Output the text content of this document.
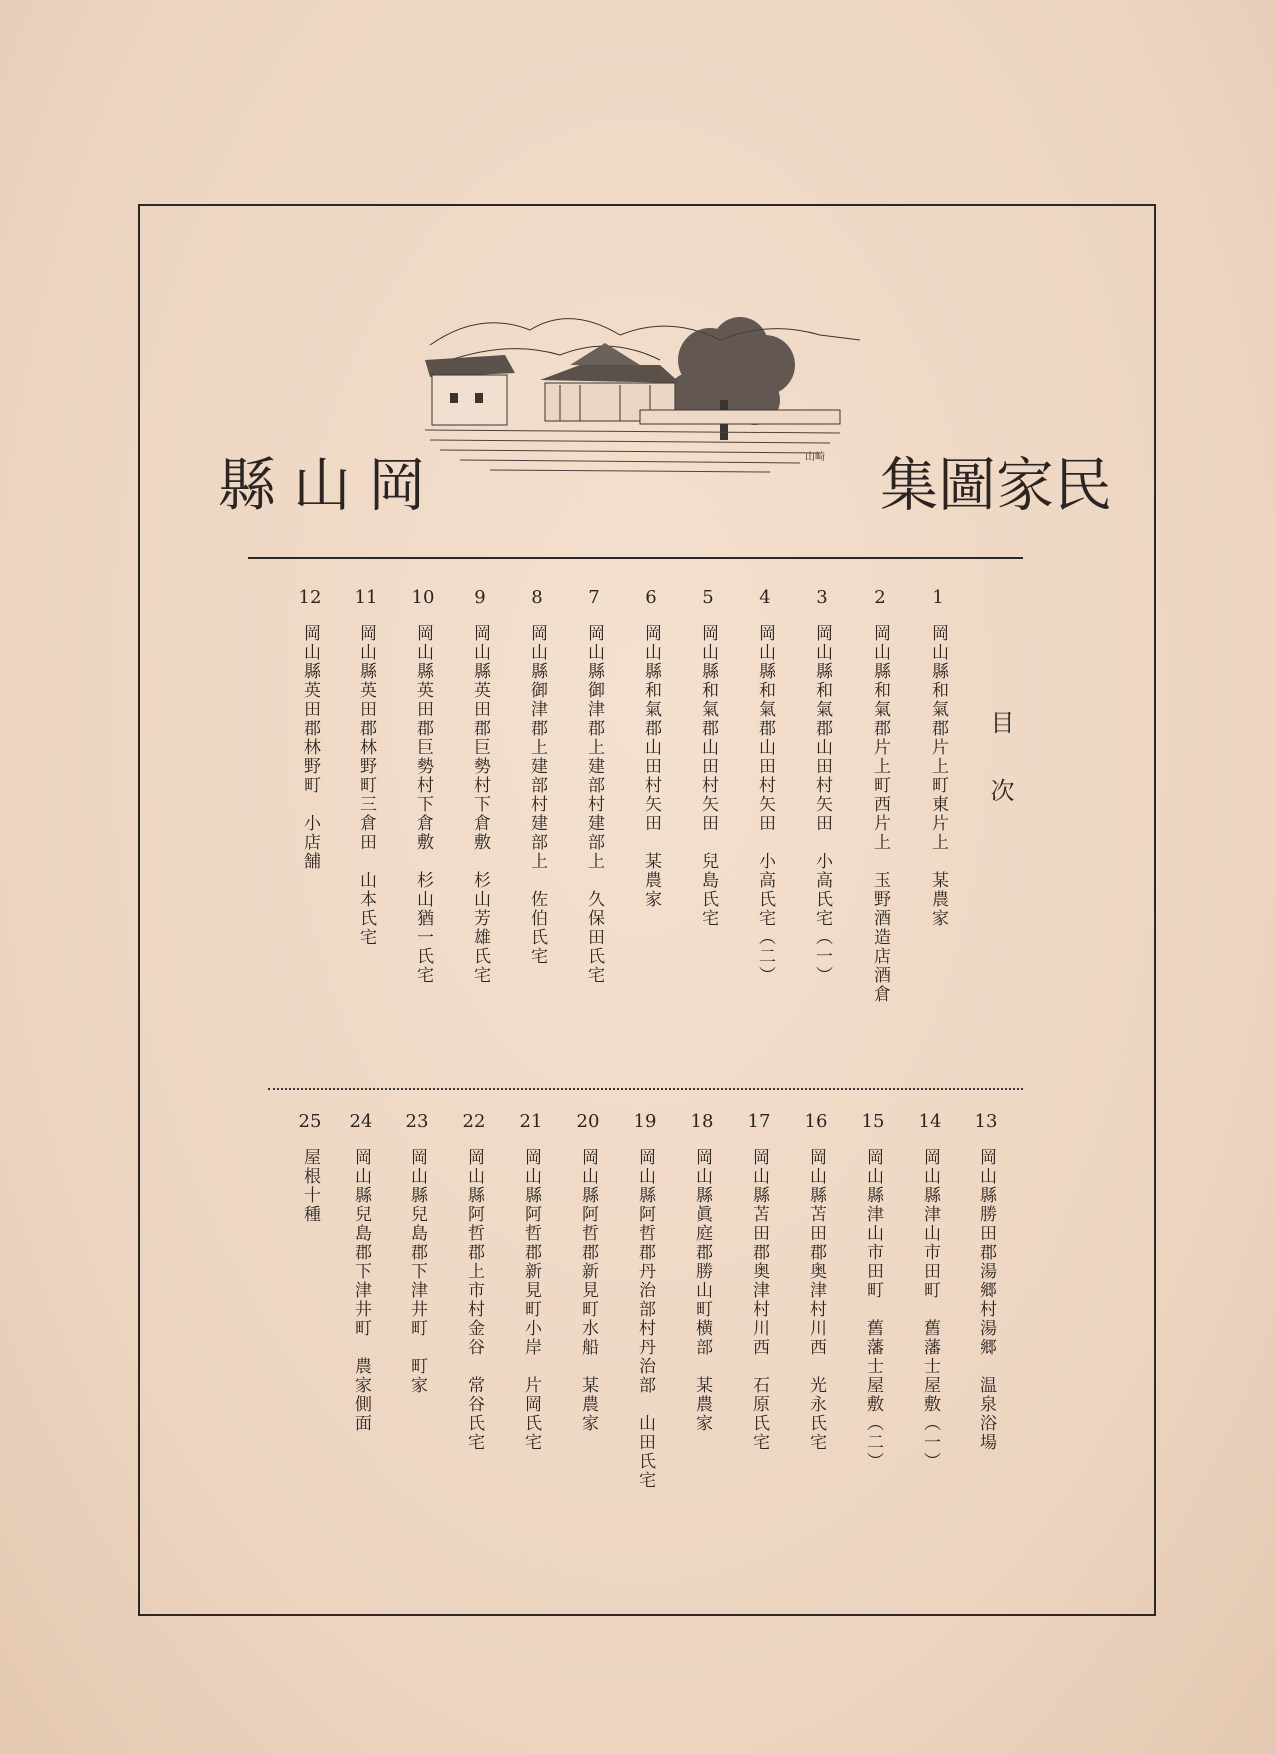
縣 山 岡	集 圖 家 民
山崎
目次
1
岡山縣和氣郡片上町東片上　某農家
2
岡山縣和氣郡片上町西片上　玉野酒造店酒倉
3
岡山縣和氣郡山田村矢田　小高氏宅（一）
4
岡山縣和氣郡山田村矢田　小高氏宅（二）
5
岡山縣和氣郡山田村矢田　兒島氏宅
6
岡山縣和氣郡山田村矢田　某農家
7
岡山縣御津郡上建部村建部上　久保田氏宅
8
岡山縣御津郡上建部村建部上　佐伯氏宅
9
岡山縣英田郡巨勢村下倉敷　杉山芳雄氏宅
10
岡山縣英田郡巨勢村下倉敷　杉山猶一氏宅
11
岡山縣英田郡林野町三倉田　山本氏宅
12
岡山縣英田郡林野町　小店舗
13
岡山縣勝田郡湯郷村湯郷　温泉浴場
14
岡山縣津山市田町　舊藩士屋敷（一）
15
岡山縣津山市田町　舊藩士屋敷（二）
16
岡山縣苫田郡奥津村川西　光永氏宅
17
岡山縣苫田郡奥津村川西　石原氏宅
18
岡山縣眞庭郡勝山町横部　某農家
19
岡山縣阿哲郡丹治部村丹治部　山田氏宅
20
岡山縣阿哲郡新見町水船　某農家
21
岡山縣阿哲郡新見町小岸　片岡氏宅
22
岡山縣阿哲郡上市村金谷　常谷氏宅
23
岡山縣兒島郡下津井町　町家
24
岡山縣兒島郡下津井町　農家側面
25
屋根十種
